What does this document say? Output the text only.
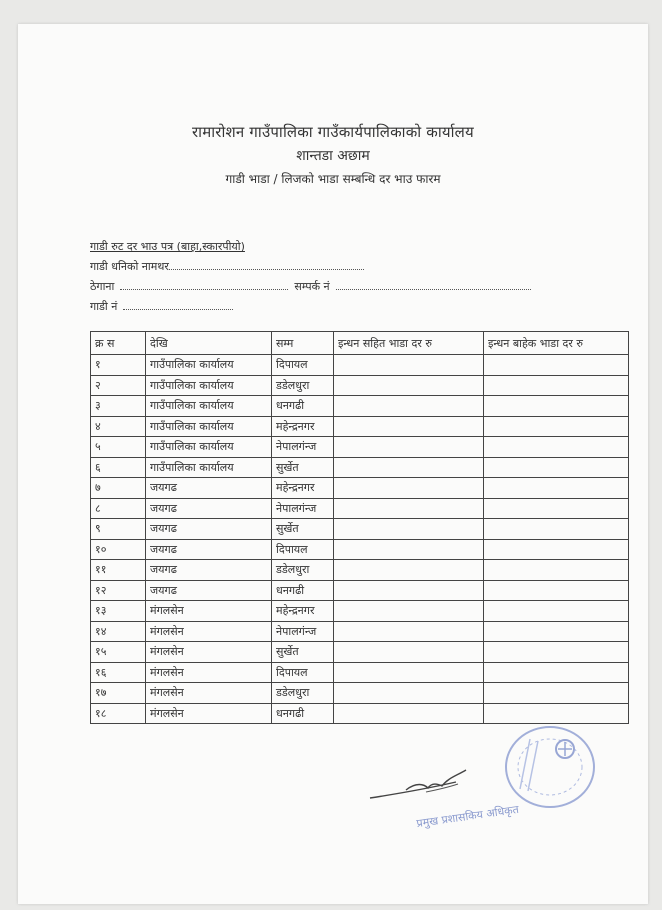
रामारोशन गाउँपालिका गाउँकार्यपालिकाको कार्यालय
शान्तडा अछाम
गाडी भाडा / लिजको भाडा सम्बन्धि दर भाउ फारम
गाडी रुट दर भाउ पत्र (बाहा,स्कारपीयो)
गाडी धनिको नामथर
ठेगाना	सम्पर्क नं
गाडी नं
क्र स	देखि	सम्म	इन्धन सहित भाडा दर रु	इन्धन बाहेक भाडा दर रु
१	गाउँपालिका कार्यालय	दिपायल		
२	गाउँपालिका कार्यालय	डडेलधुरा		
३	गाउँपालिका कार्यालय	धनगढी		
४	गाउँपालिका कार्यालय	महेन्द्रनगर		
५	गाउँपालिका कार्यालय	नेपालगंन्ज		
६	गाउँपालिका कार्यालय	सुर्खेत		
७	जयगढ	महेन्द्रनगर		
८	जयगढ	नेपालगंन्ज		
९	जयगढ	सुर्खेत		
१०	जयगढ	दिपायल		
११	जयगढ	डडेलधुरा		
१२	जयगढ	धनगढी		
१३	मंगलसेन	महेन्द्रनगर		
१४	मंगलसेन	नेपालगंन्ज		
१५	मंगलसेन	सुर्खेत		
१६	मंगलसेन	दिपायल		
१७	मंगलसेन	डडेलधुरा		
१८	मंगलसेन	धनगढी		
प्रमुख प्रशासकिय अधिकृत
